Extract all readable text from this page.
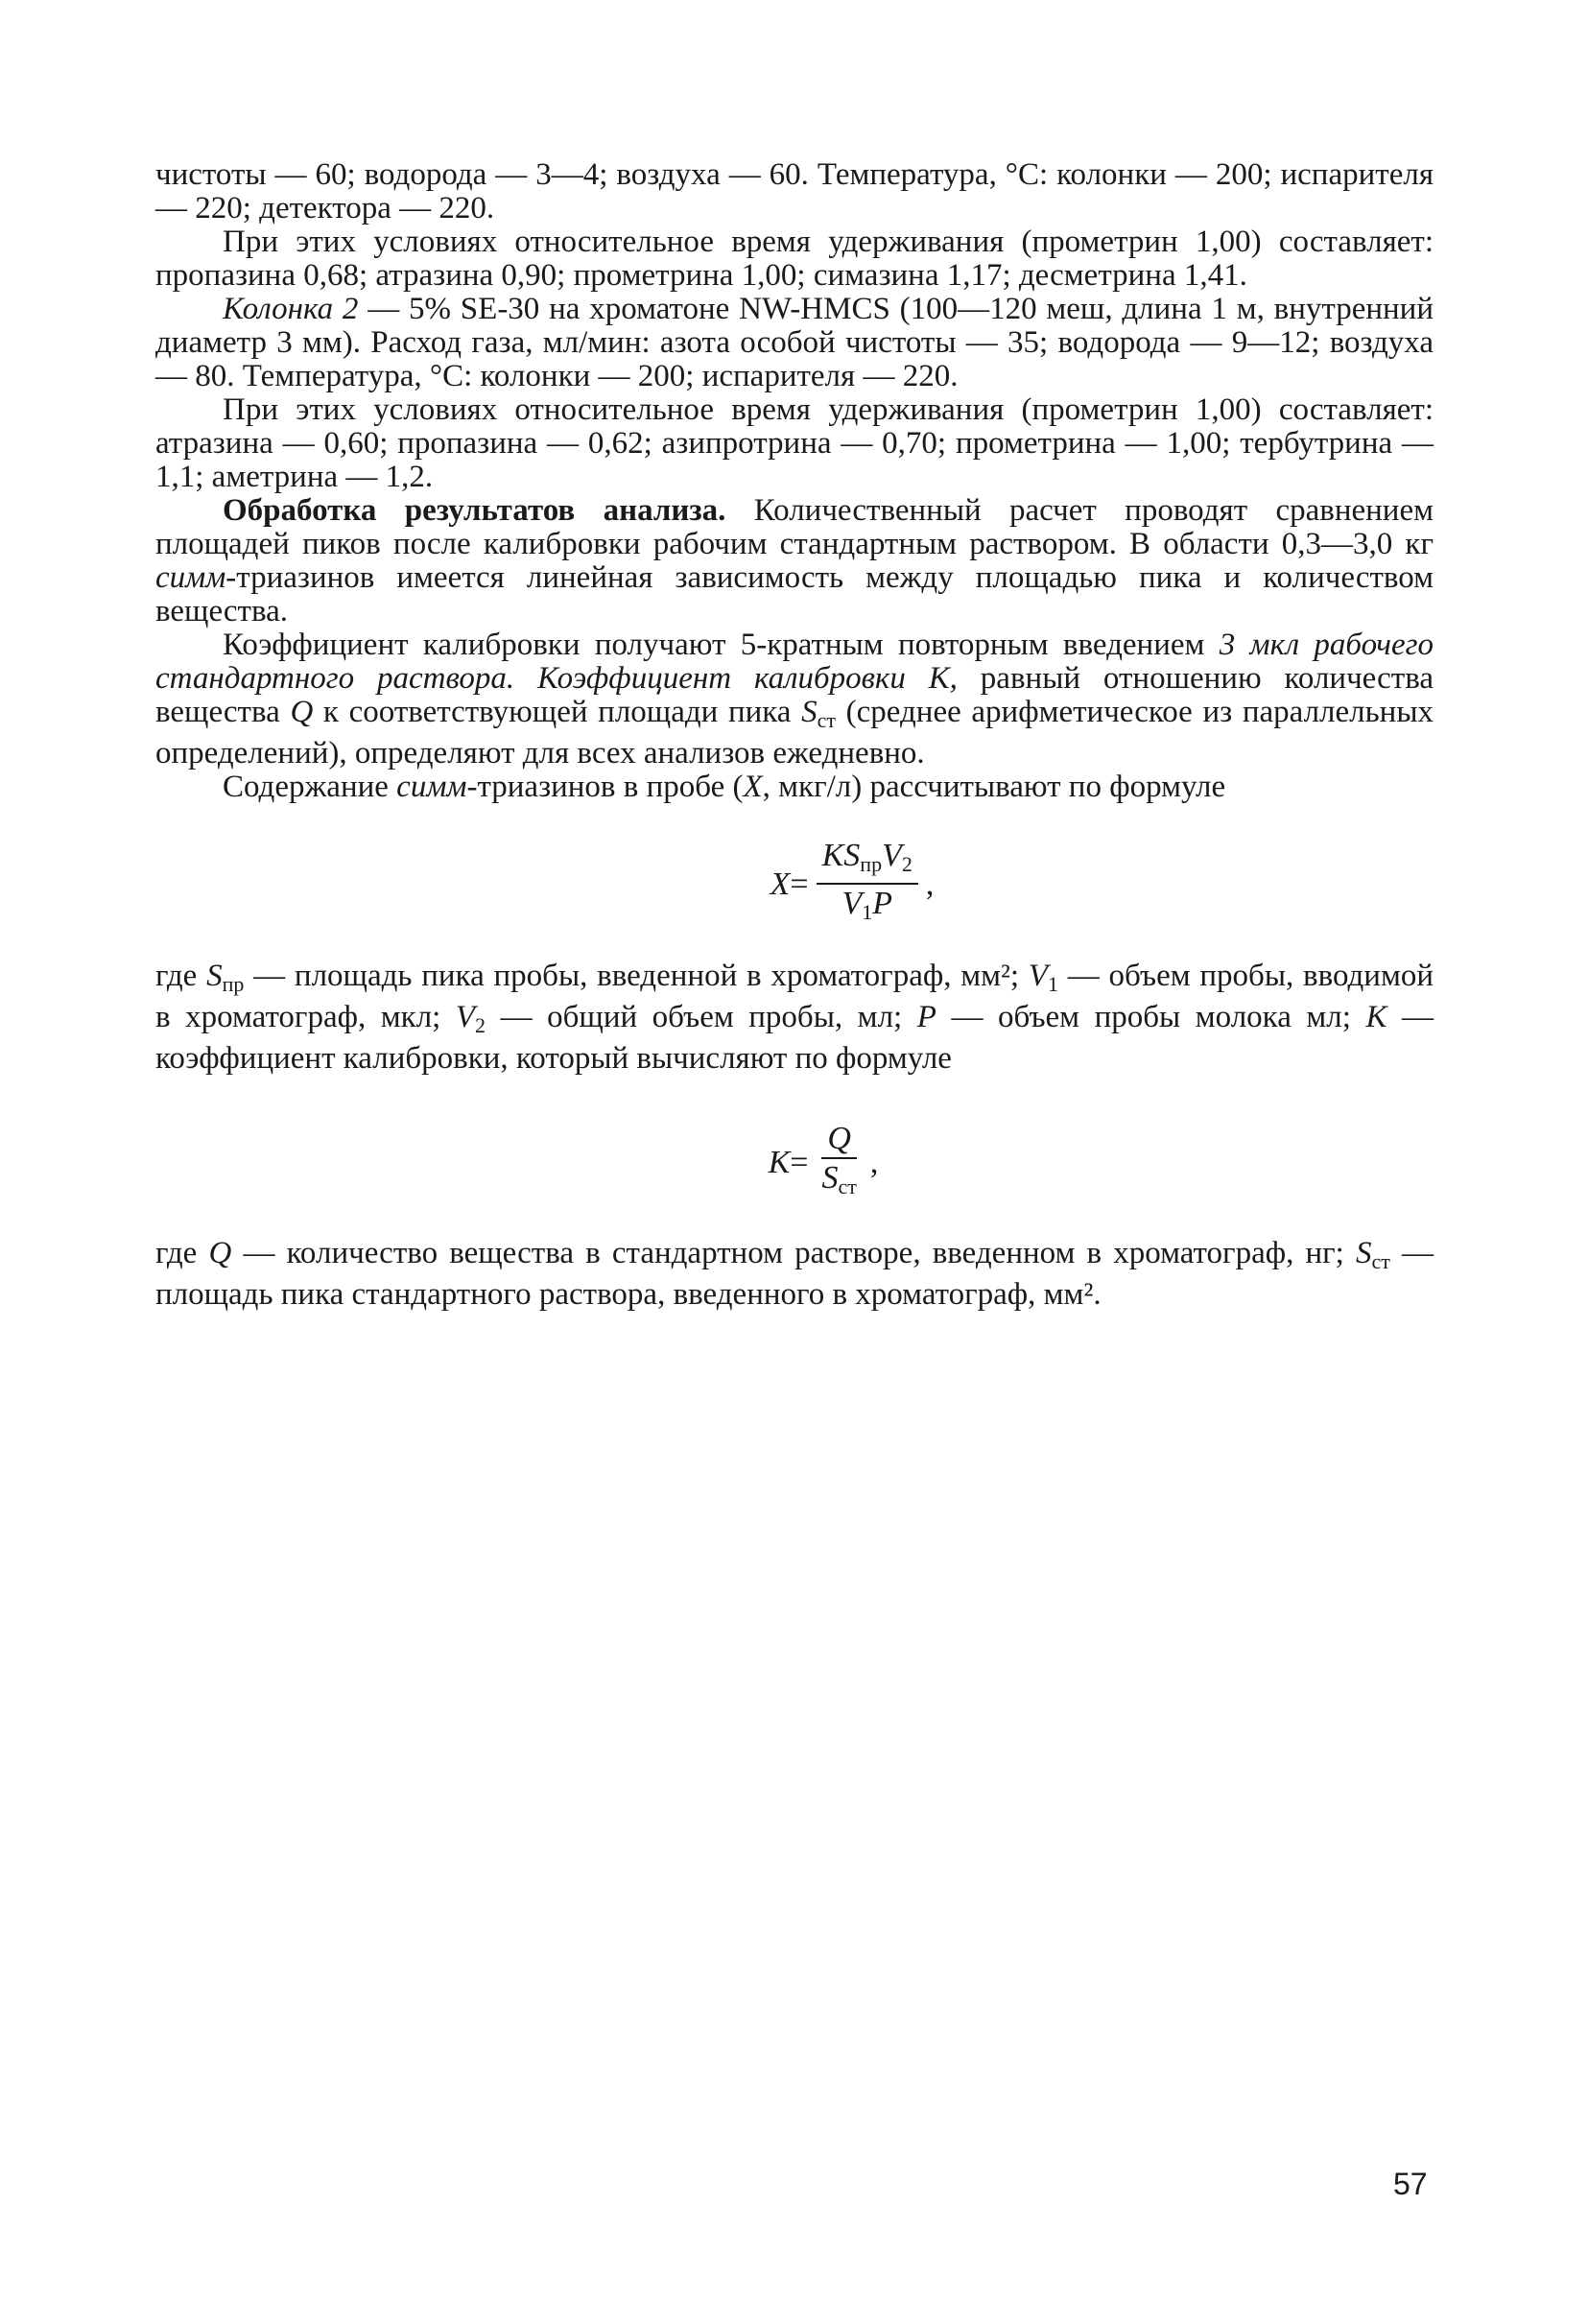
чистоты — 60; водорода — 3—4; воздуха — 60. Температура, °С: колонки — 200; испарителя — 220; детектора — 220.

При этих условиях относительное время удерживания (прометрин 1,00) составляет: пропазина 0,68; атразина 0,90; прометрина 1,00; симазина 1,17; десметрина 1,41.

Колонка 2 — 5% SE-30 на хроматоне NW-HMCS (100—120 меш, длина 1 м, внутренний диаметр 3 мм). Расход газа, мл/мин: азота особой чистоты — 35; водорода — 9—12; воздуха — 80. Температура, °С: колонки — 200; испарителя — 220.

При этих условиях относительное время удерживания (прометрин 1,00) составляет: атразина — 0,60; пропазина — 0,62; азипротрина — 0,70; прометрина — 1,00; тербутрина — 1,1; аметрина — 1,2.

Обработка результатов анализа. Количественный расчет проводят сравнением площадей пиков после калибровки рабочим стандартным раствором. В области 0,3—3,0 кг симм-триазинов имеется линейная зависимость между площадью пика и количеством вещества.

Коэффициент калибровки получают 5-кратным повторным введением 3 мкл рабочего стандартного раствора. Коэффициент калибровки К, равный отношению количества вещества Q к соответствующей площади пика $S_{ст}$ (среднее арифметическое из параллельных определений), определяют для всех анализов ежедневно.

Содержание симм-триазинов в пробе (X, мкг/л) рассчитывают по формуле

$X = \frac{KS_{пр}V_2}{V_1P}$ ,

где $S_{пр}$ — площадь пика пробы, введенной в хроматограф, мм²; $V_1$ — объем пробы, вводимой в хроматограф, мкл; $V_2$ — общий объем пробы, мл; P — объем пробы молока мл; K — коэффициент калибровки, который вычисляют по формуле

$K = \frac{Q}{S_{ст}}$ ,

где Q — количество вещества в стандартном растворе, введенном в хроматограф, нг; $S_{ст}$ — площадь пика стандартного раствора, введенного в хроматограф, мм².

57
